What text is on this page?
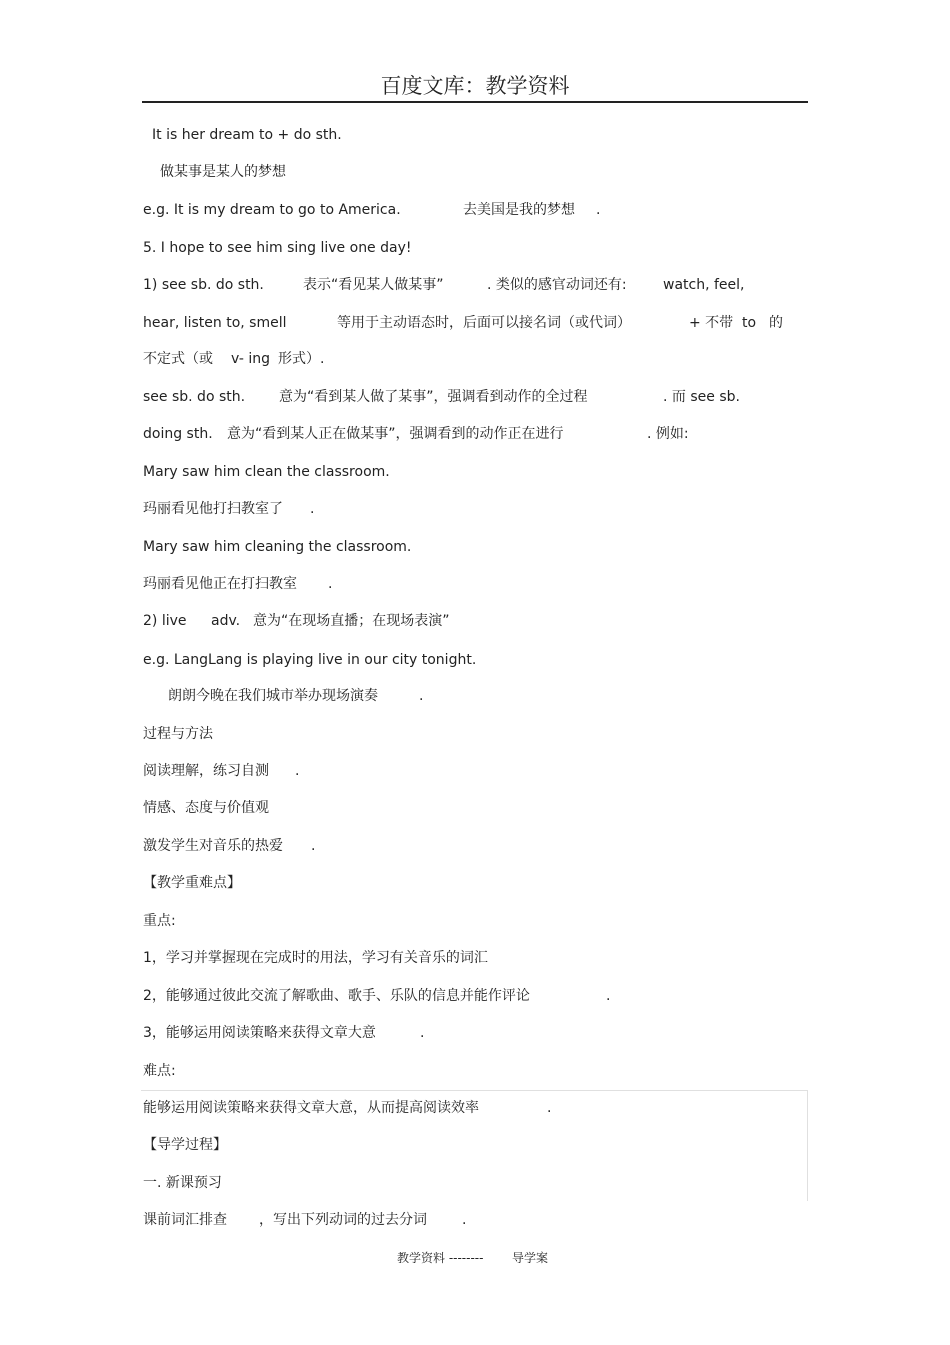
百度文库：教学资料
It is her dream to + do sth.
做某事是某人的梦想
e.g. It is my dream to go to America.	去美国是我的梦想 .
5. I hope to see him sing live one day!
1) see sb. do sth.	表示“看见某人做某事”	. 类似的感官动词还有:	watch, feel,
hear, listen to, smell	等用于主动语态时，后面可以接名词（或代词）	+ 不带 to 的
不定式（或 v- ing 形式）.
see sb. do sth. 意为“看到某人做了某事”，强调看到动作的全过程	. 而 see sb.
doing sth. 意为“看到某人正在做某事”，强调看到的动作正在进行	. 例如:
Mary saw him clean the classroom.
玛丽看见他打扫教室了 .
Mary saw him cleaning the classroom.
玛丽看见他正在打扫教室 .
2) live adv. 意为“在现场直播；在现场表演”
e.g. LangLang is playing live in our city tonight.
朗朗今晚在我们城市举办现场演奏	.
过程与方法
阅读理解，练习自测 .
情感、态度与价值观
激发学生对音乐的热爱 .
【教学重难点】
重点:
1，学习并掌握现在完成时的用法，学习有关音乐的词汇
2，能够通过彼此交流了解歌曲、歌手、乐队的信息并能作评论	.
3，能够运用阅读策略来获得文章大意	.
难点:
能够运用阅读策略来获得文章大意，从而提高阅读效率	.
【导学过程】
一. 新课预习
课前词汇排查 ，写出下列动词的过去分词	.
教学资料 -------- 导学案
